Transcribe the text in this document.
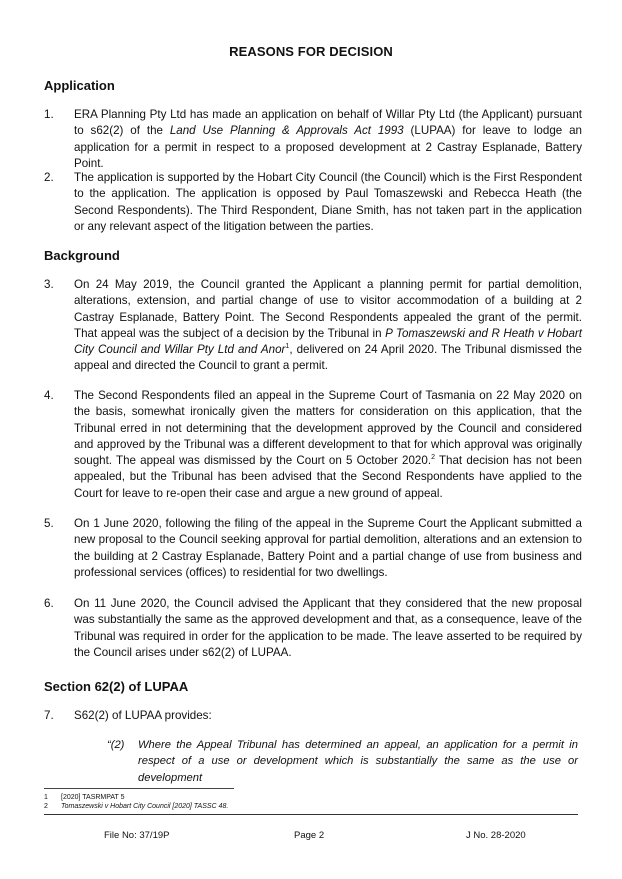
REASONS FOR DECISION
Application
1.	ERA Planning Pty Ltd has made an application on behalf of Willar Pty Ltd (the Applicant) pursuant to s62(2) of the Land Use Planning & Approvals Act 1993 (LUPAA) for leave to lodge an application for a permit in respect to a proposed development at 2 Castray Esplanade, Battery Point.
2.	The application is supported by the Hobart City Council (the Council) which is the First Respondent to the application. The application is opposed by Paul Tomaszewski and Rebecca Heath (the Second Respondents). The Third Respondent, Diane Smith, has not taken part in the application or any relevant aspect of the litigation between the parties.
Background
3.	On 24 May 2019, the Council granted the Applicant a planning permit for partial demolition, alterations, extension, and partial change of use to visitor accommodation of a building at 2 Castray Esplanade, Battery Point. The Second Respondents appealed the grant of the permit. That appeal was the subject of a decision by the Tribunal in P Tomaszewski and R Heath v Hobart City Council and Willar Pty Ltd and Anor$^1$, delivered on 24 April 2020. The Tribunal dismissed the appeal and directed the Council to grant a permit.
4.	The Second Respondents filed an appeal in the Supreme Court of Tasmania on 22 May 2020 on the basis, somewhat ironically given the matters for consideration on this application, that the Tribunal erred in not determining that the development approved by the Council and considered and approved by the Tribunal was a different development to that for which approval was originally sought. The appeal was dismissed by the Court on 5 October 2020.$^2$ That decision has not been appealed, but the Tribunal has been advised that the Second Respondents have applied to the Court for leave to re-open their case and argue a new ground of appeal.
5.	On 1 June 2020, following the filing of the appeal in the Supreme Court the Applicant submitted a new proposal to the Council seeking approval for partial demolition, alterations and an extension to the building at 2 Castray Esplanade, Battery Point and a partial change of use from business and professional services (offices) to residential for two dwellings.
6.	On 11 June 2020, the Council advised the Applicant that they considered that the new proposal was substantially the same as the approved development and that, as a consequence, leave of the Tribunal was required in order for the application to be made. The leave asserted to be required by the Council arises under s62(2) of LUPAA.
Section 62(2) of LUPAA
7.	S62(2) of LUPAA provides:
“(2) Where the Appeal Tribunal has determined an appeal, an application for a permit in respect of a use or development which is substantially the same as the use or development
1 [2020] TASRMPAT 5
2 Tomaszewski v Hobart City Council [2020] TASSC 48.
File No: 37/19P	Page 2	J No. 28-2020
